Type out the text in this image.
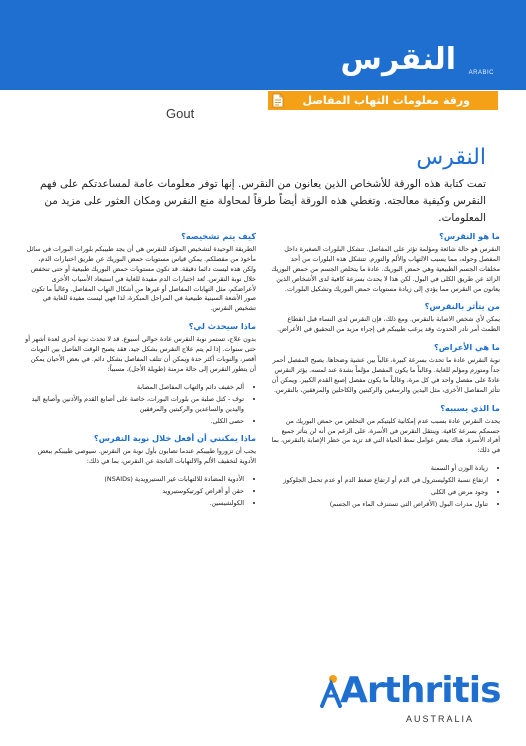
النقرس ARABIC
ورقة معلومات التهاب المفاصل
Gout
النقرس
تمت كتابة هذه الورقة للأشخاص الذين يعانون من النقرس. إنها توفر معلومات عامة لمساعدتكم على فهم النقرس وكيفية معالجته. وتغطي هذه الورقة أيضاً طرقاً لمحاولة منع النقرس ومكان العثور على مزيد من المعلومات.
ما هو النقرس؟

النقرس هو حالة شائعة ومؤلمة تؤثر على المفاصل. تتشكل البلورات الصغيرة داخل المفصل وحوله، مما يسبب الالتهاب والألم والتورم. تتشكل هذه البلورات من أحد مخلفات الجسم الطبيعية وهي حمض البوريك. عادة ما يتخلص الجسم من حمض البوريك الزائد عن طريق الكلى في البول. لكن هذا لا يحدث بسرعة كافية لدى الأشخاص الذين يعانون من النقرس مما يؤدي إلى زيادة مستويات حمض البوريك وتشكيل البلورات.

من يتأثر بالنقرس؟

يمكن لأي شخص الاصابة بالنقرس. ومع ذلك، فإن النقرس لدى النساء قبل انقطاع الطمث أمر نادر الحدوث وقد يرغب طبيبكم في إجراء مزيد من التحقيق في الأعراض.

ما هي الأعراض؟

نوبة النقرس عادة ما تحدث بسرعة كبيرة، غالباً بين عشية وضحاها. يصبح المفصل أحمر جداً ومتورم ومؤلم للغاية. وغالباً ما يكون المفصل مؤلماً بشدة عند لمسه. يؤثر النقرس عادةً على مفصل واحد في كل مرة، وغالباً ما يكون مفصل إصبع القدم الكبير. ويمكن أن تتأثر المفاصل الأخرى، مثل اليدين والرسغين والركبتين والكاحلين والمرفقين، بالنقرس.

ما الذي يسببه؟

يحدث النقرس عادة بسبب عدم إمكانية كليتيكم من التخلص من حمض البوريك من جسمكم بسرعة كافية. وينتقل النقرس في الأسرة، على الرغم من أنه لن يتأثر جميع أفراد الأسرة. هناك بعض عوامل نمط الحياة التي قد تزيد من خطر الإصابة بالنقرس، بما في ذلك:

• زيادة الوزن أو السمنة
• ارتفاع نسبة الكوليسترول في الدم أو ارتفاع ضغط الدم أو عدم تحمل الجلوكوز
• وجود مرض في الكلى
• تناول مدرات البول (الأقراص التي تستنزف الماء من الجسم)
كيف يتم تشخيصه؟

الطريقة الوحيدة لتشخيص المؤكد للنقرس هي أن يجد طبيبكم بلورات البورات في سائل مأخوذ من مفصلكم. يمكن قياس مستويات حمض البوريك عن طريق اختبارات الدم، ولكن هذه ليست دائما دقيقة. قد تكون مستويات حمض البوريك طبيعية أو حتى تنخفض خلال نوبة النقرس. تُعد اختبارات الدم مفيدة للغاية في استبعاد الأسباب الأخرى لأعراضكم، مثل التهابات المفاصل أو غيرها من أشكال التهاب المفاصل. وغالباً ما تكون صور الأشعة السينية طبيعية في المراحل المبكرة، لذا فهي ليست مفيدة للغاية في تشخيص النقرس.

ماذا سيحدث لي؟

بدون علاج، تستمر نوبة النقرس عادة حوالي أسبوع. قد لا تحدث نوبة أخرى لعدة أشهر أو حتى سنوات. إذا لم يتم علاج النقرس بشكل جيد، فقد يصبح الوقت الفاصل بين النوبات أقصر، والنوبات أكثر حدة ويمكن أن تتلف المفاصل بشكل دائم. في بعض الأحيان يمكن أن يتطور النقرس إلى حالة مزمنة (طويلة الأجل)، مسبباً:

• ألم خفيف دائم والتهاب المفاصل المصابة
• توف - كتل صلبة من بلورات البورات، خاصة على أصابع القدم والأذنين وأصابع اليد واليدين والساعدين والركبتين والمرفقين
• حصى الكلى.
ماذا يمكنني أن أفعل خلال نوبة النقرس؟

يجب أن تزوروا طبيبكم عندما تصابون بأول نوبة من النقرس. سيوصي طبيبكم ببعض الأدوية لتخفيف الألم والالتهابات الناتجة عن النقرس، بما في ذلك:

• الأدوية المضادة للالتهابات غير الستيرويدية (NSAIDs)
• حقن أو أقراص كورتيكوستيرويد
• الكولشيسين.
Arthritis
AUSTRALIA
